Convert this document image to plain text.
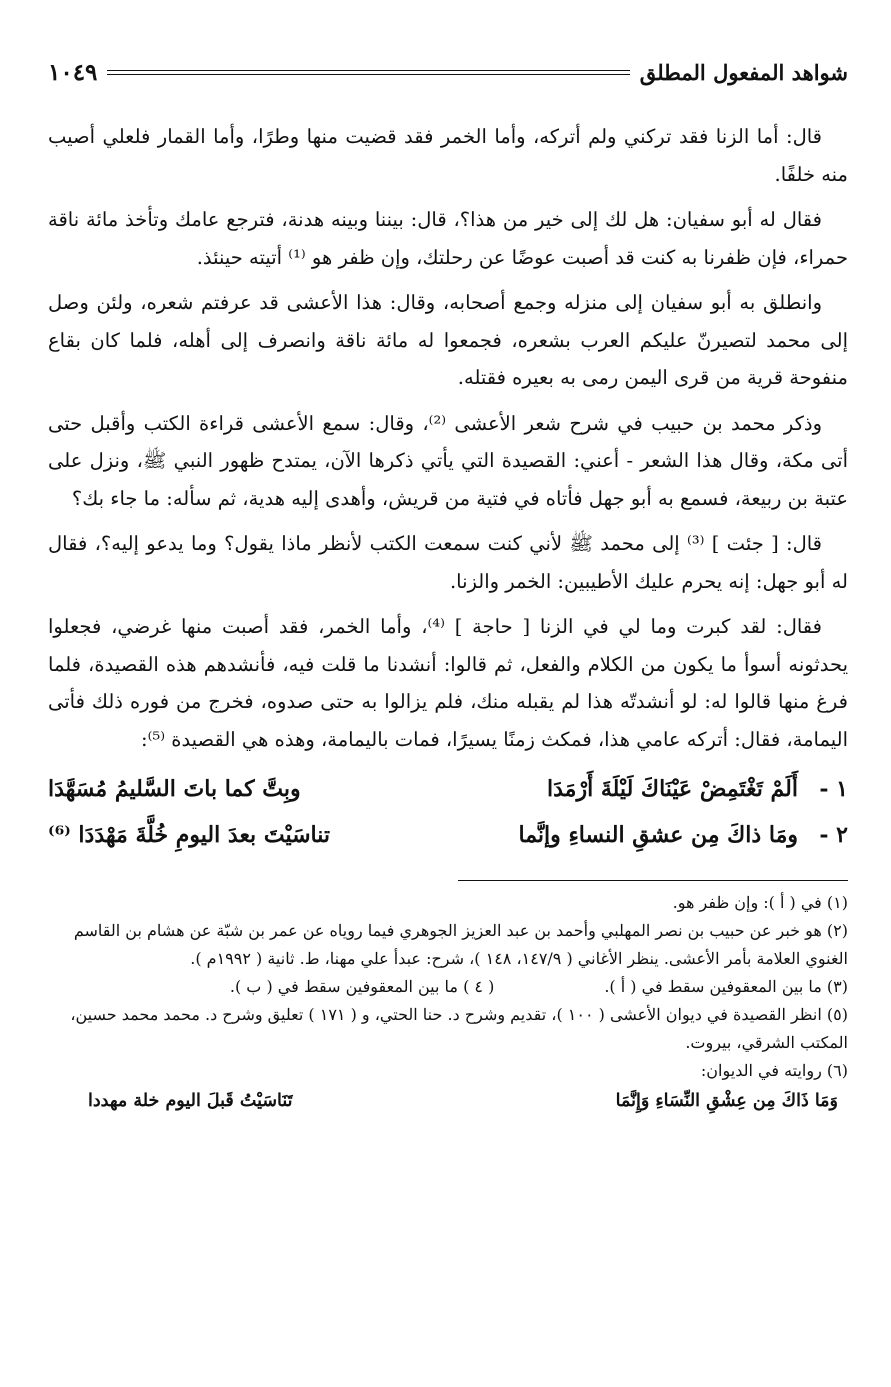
شواهد المفعول المطلق
١٠٤٩

قال: أما الزنا فقد تركني ولم أتركه، وأما الخمر فقد قضيت منها وطرًا، وأما القمار فلعلي أصيب منه خلفًا.

فقال له أبو سفيان: هل لك إلى خير من هذا؟، قال: بيننا وبينه هدنة، فترجع عامك وتأخذ مائة ناقة حمراء، فإن ظفرنا به كنت قد أصبت عوضًا عن رحلتك، وإن ظفر هو ⁽¹⁾ أتيته حينئذ.

وانطلق به أبو سفيان إلى منزله وجمع أصحابه، وقال: هذا الأعشى قد عرفتم شعره، ولئن وصل إلى محمد لتصيرنّ عليكم العرب بشعره، فجمعوا له مائة ناقة وانصرف إلى أهله، فلما كان بقاع منفوحة قرية من قرى اليمن رمى به بعيره فقتله.

وذكر محمد بن حبيب في شرح شعر الأعشى ⁽²⁾، وقال: سمع الأعشى قراءة الكتب وأقبل حتى أتى مكة، وقال هذا الشعر - أعني: القصيدة التي يأتي ذكرها الآن، يمتدح ظهور النبي ﷺ، ونزل على عتبة بن ربيعة، فسمع به أبو جهل فأتاه في فتية من قريش، وأهدى إليه هدية، ثم سأله: ما جاء بك؟

قال: [ جئت ] ⁽³⁾ إلى محمد ﷺ لأني كنت سمعت الكتب لأنظر ماذا يقول؟ وما يدعو إليه؟، فقال له أبو جهل: إنه يحرم عليك الأطيبين: الخمر والزنا.

فقال: لقد كبرت وما لي في الزنا [ حاجة ] ⁽⁴⁾، وأما الخمر، فقد أصبت منها غرضي، فجعلوا يحدثونه أسوأ ما يكون من الكلام والفعل، ثم قالوا: أنشدنا ما قلت فيه، فأنشدهم هذه القصيدة، فلما فرغ منها قالوا له: لو أنشدتّه هذا لم يقبله منك، فلم يزالوا به حتى صدوه، فخرج من فوره ذلك فأتى اليمامة، فقال: أتركه عامي هذا، فمكث زمنًا يسيرًا، فمات باليمامة، وهذه هي القصيدة ⁽⁵⁾:

١ -
أَلَمْ تَغْتَمِضْ عَيْنَاكَ لَيْلَةَ أَرْمَدَا
وبِتَّ كما باتَ السَّليمُ مُسَهَّدَا
٢ -
ومَا ذاكَ مِن عشقِ النساءِ وإنَّما
تناسَيْتَ بعدَ اليومِ خُلَّةَ مَهْدَدَا ⁽⁶⁾

(١) في ( أ ): وإن ظفر هو.

(٢) هو خبر عن حبيب بن نصر المهلبي وأحمد بن عبد العزيز الجوهري فيما روياه عن عمر بن شبّة عن هشام بن القاسم الغنوي العلامة بأمر الأعشى. ينظر الأغاني ( ١٤٧/٩، ١٤٨ )، شرح: عبدأ علي مهنا، ط. ثانية ( ١٩٩٢م ).

(٣) ما بين المعقوفين سقط في ( أ ).
( ٤ ) ما بين المعقوفين سقط في ( ب ).

(٥) انظر القصيدة في ديوان الأعشى ( ١٠٠ )، تقديم وشرح د. حنا الحتي، و ( ١٧١ ) تعليق وشرح د. محمد محمد حسين، المكتب الشرقي، بيروت.

(٦) روايته في الديوان:

وَمَا ذَاكَ مِن عِشْقِ النِّسَاءِ وَإِنَّمَا
تَنَاسَيْتُ قَبلَ اليوم خلة مهددا
